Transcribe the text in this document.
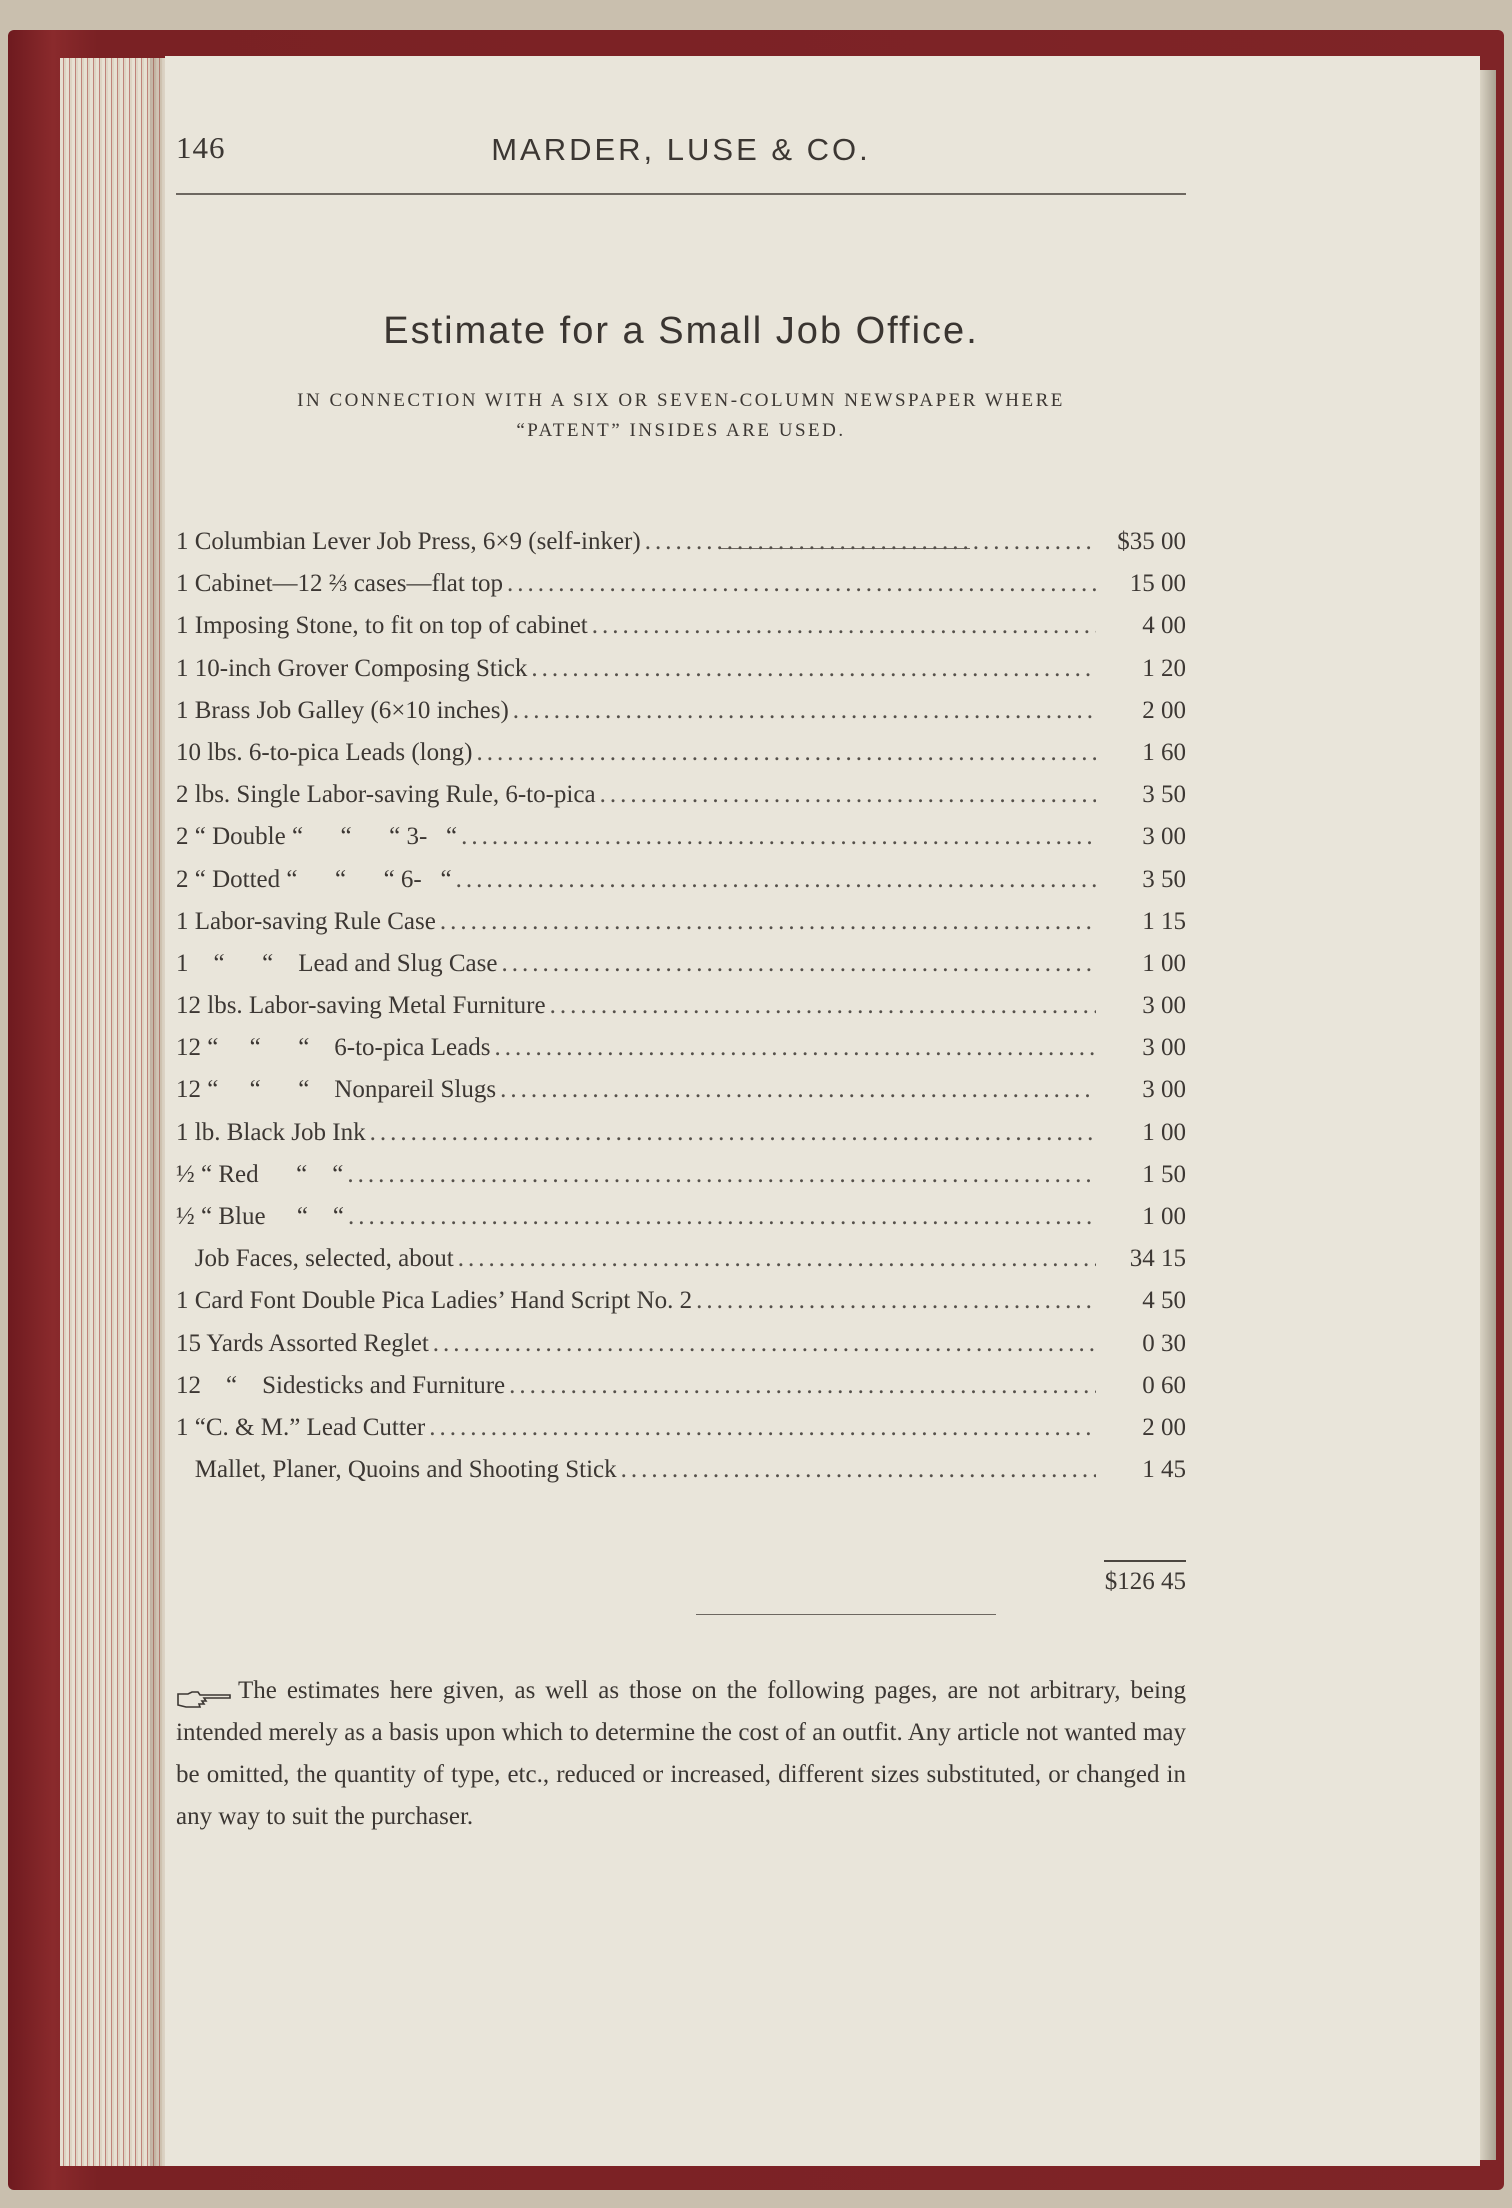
146	MARDER, LUSE & CO.
Estimate for a Small Job Office.
IN CONNECTION WITH A SIX OR SEVEN-COLUMN NEWSPAPER WHERE
“PATENT” INSIDES ARE USED.
1 Columbian Lever Job Press, 6×9 (self-inker) .....	$35 00
1 Cabinet—12 ⅔ cases—flat top .....	15 00
1 Imposing Stone, to fit on top of cabinet .....	4 00
1 10-inch Grover Composing Stick .....	1 20
1 Brass Job Galley (6×10 inches) .....	2 00
10 lbs. 6-to-pica Leads (long) .....	1 60
2 lbs. Single Labor-saving Rule, 6-to-pica .....	3 50
2 “ Double “      “      “ 3-   “ .....	3 00
2 “ Dotted “      “      “ 6-   “ .....	3 50
1 Labor-saving Rule Case .....	1 15
1    “      “    Lead and Slug Case .....	1 00
12 lbs. Labor-saving Metal Furniture .....	3 00
12 “     “      “    6-to-pica Leads .....	3 00
12 “     “      “    Nonpareil Slugs .....	3 00
1 lb. Black Job Ink .....	1 00
½ “ Red      “    “ .....	1 50
½ “ Blue     “    “ .....	1 00
Job Faces, selected, about .....	34 15
1 Card Font Double Pica Ladies’ Hand Script No. 2 .....	4 50
15 Yards Assorted Reglet .....	0 30
12    “    Sidesticks and Furniture .....	0 60
1 “C. & M.” Lead Cutter .....	2 00
Mallet, Planer, Quoins and Shooting Stick .....	1 45
$126 45
The estimates here given, as well as those on the following pages, are not arbitrary, being intended merely as a basis upon which to determine the cost of an outfit. Any article not wanted may be omitted, the quantity of type, etc., reduced or increased, different sizes substituted, or changed in any way to suit the purchaser.
